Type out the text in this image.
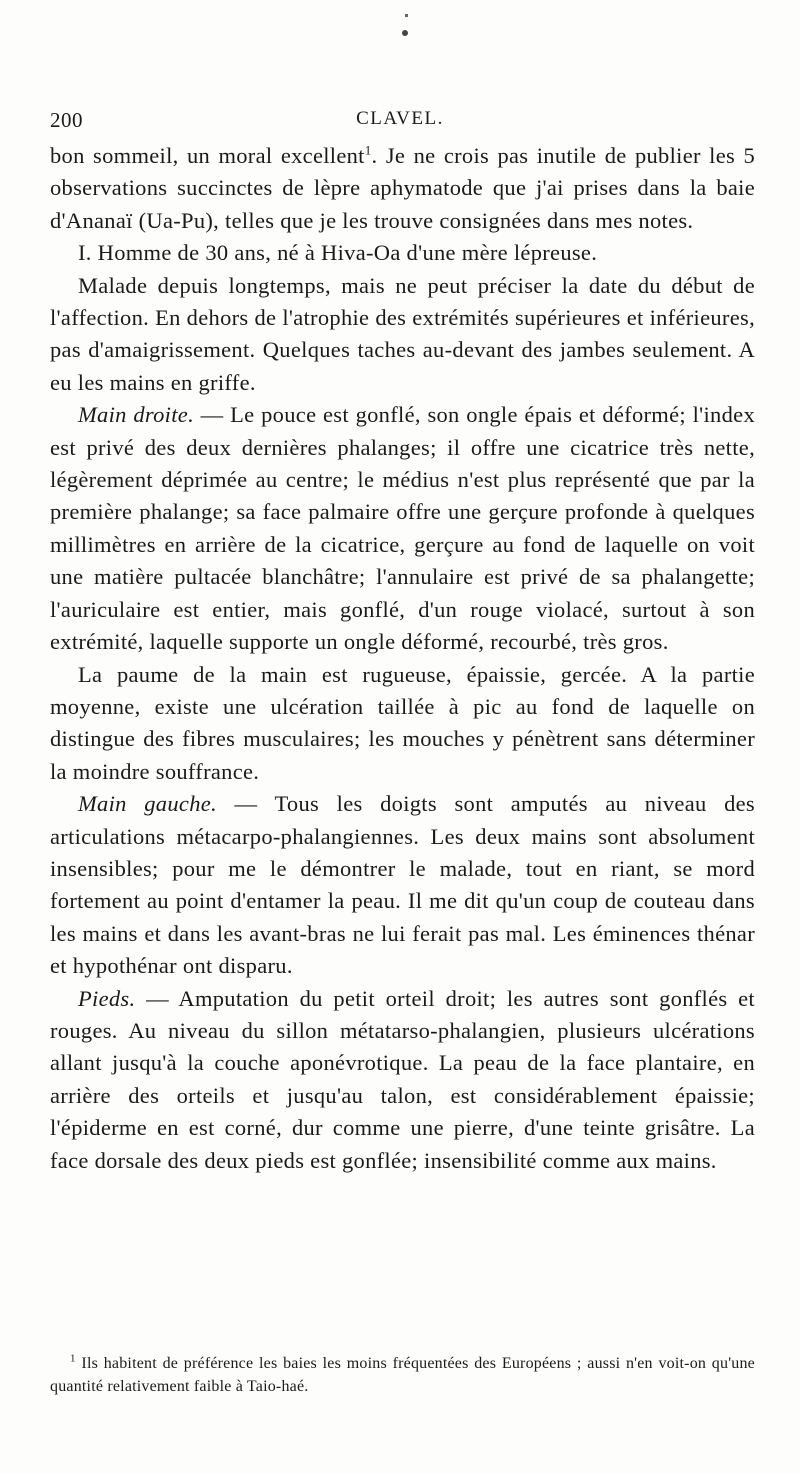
200	CLAVEL.

bon sommeil, un moral excellent$^1$. Je ne crois pas inutile de publier les 5 observations succinctes de lèpre aphymatode que j'ai prises dans la baie d'Ananaï (Ua-Pu), telles que je les trouve consignées dans mes notes.

I. Homme de 30 ans, né à Hiva-Oa d'une mère lépreuse.

Malade depuis longtemps, mais ne peut préciser la date du début de l'affection. En dehors de l'atrophie des extrémités supérieures et inférieures, pas d'amaigrissement. Quelques taches au-devant des jambes seulement. A eu les mains en griffe.

Main droite. — Le pouce est gonflé, son ongle épais et déformé; l'index est privé des deux dernières phalanges; il offre une cicatrice très nette, légèrement déprimée au centre; le médius n'est plus représenté que par la première phalange; sa face palmaire offre une gerçure profonde à quelques millimètres en arrière de la cicatrice, gerçure au fond de laquelle on voit une matière pultacée blanchâtre; l'annulaire est privé de sa phalangette; l'auriculaire est entier, mais gonflé, d'un rouge violacé, surtout à son extrémité, laquelle supporte un ongle déformé, recourbé, très gros.

La paume de la main est rugueuse, épaissie, gercée. A la partie moyenne, existe une ulcération taillée à pic au fond de laquelle on distingue des fibres musculaires; les mouches y pénètrent sans déterminer la moindre souffrance.

Main gauche. — Tous les doigts sont amputés au niveau des articulations métacarpo-phalangiennes. Les deux mains sont absolument insensibles; pour me le démontrer le malade, tout en riant, se mord fortement au point d'entamer la peau. Il me dit qu'un coup de couteau dans les mains et dans les avant-bras ne lui ferait pas mal. Les éminences thénar et hypothénar ont disparu.

Pieds. — Amputation du petit orteil droit; les autres sont gonflés et rouges. Au niveau du sillon métatarso-phalangien, plusieurs ulcérations allant jusqu'à la couche aponévrotique. La peau de la face plantaire, en arrière des orteils et jusqu'au talon, est considérablement épaissie; l'épiderme en est corné, dur comme une pierre, d'une teinte grisâtre. La face dorsale des deux pieds est gonflée; insensibilité comme aux mains.

$^1$ Ils habitent de préférence les baies les moins fréquentées des Européens ; aussi n'en voit-on qu'une quantité relativement faible à Taio-haé.
